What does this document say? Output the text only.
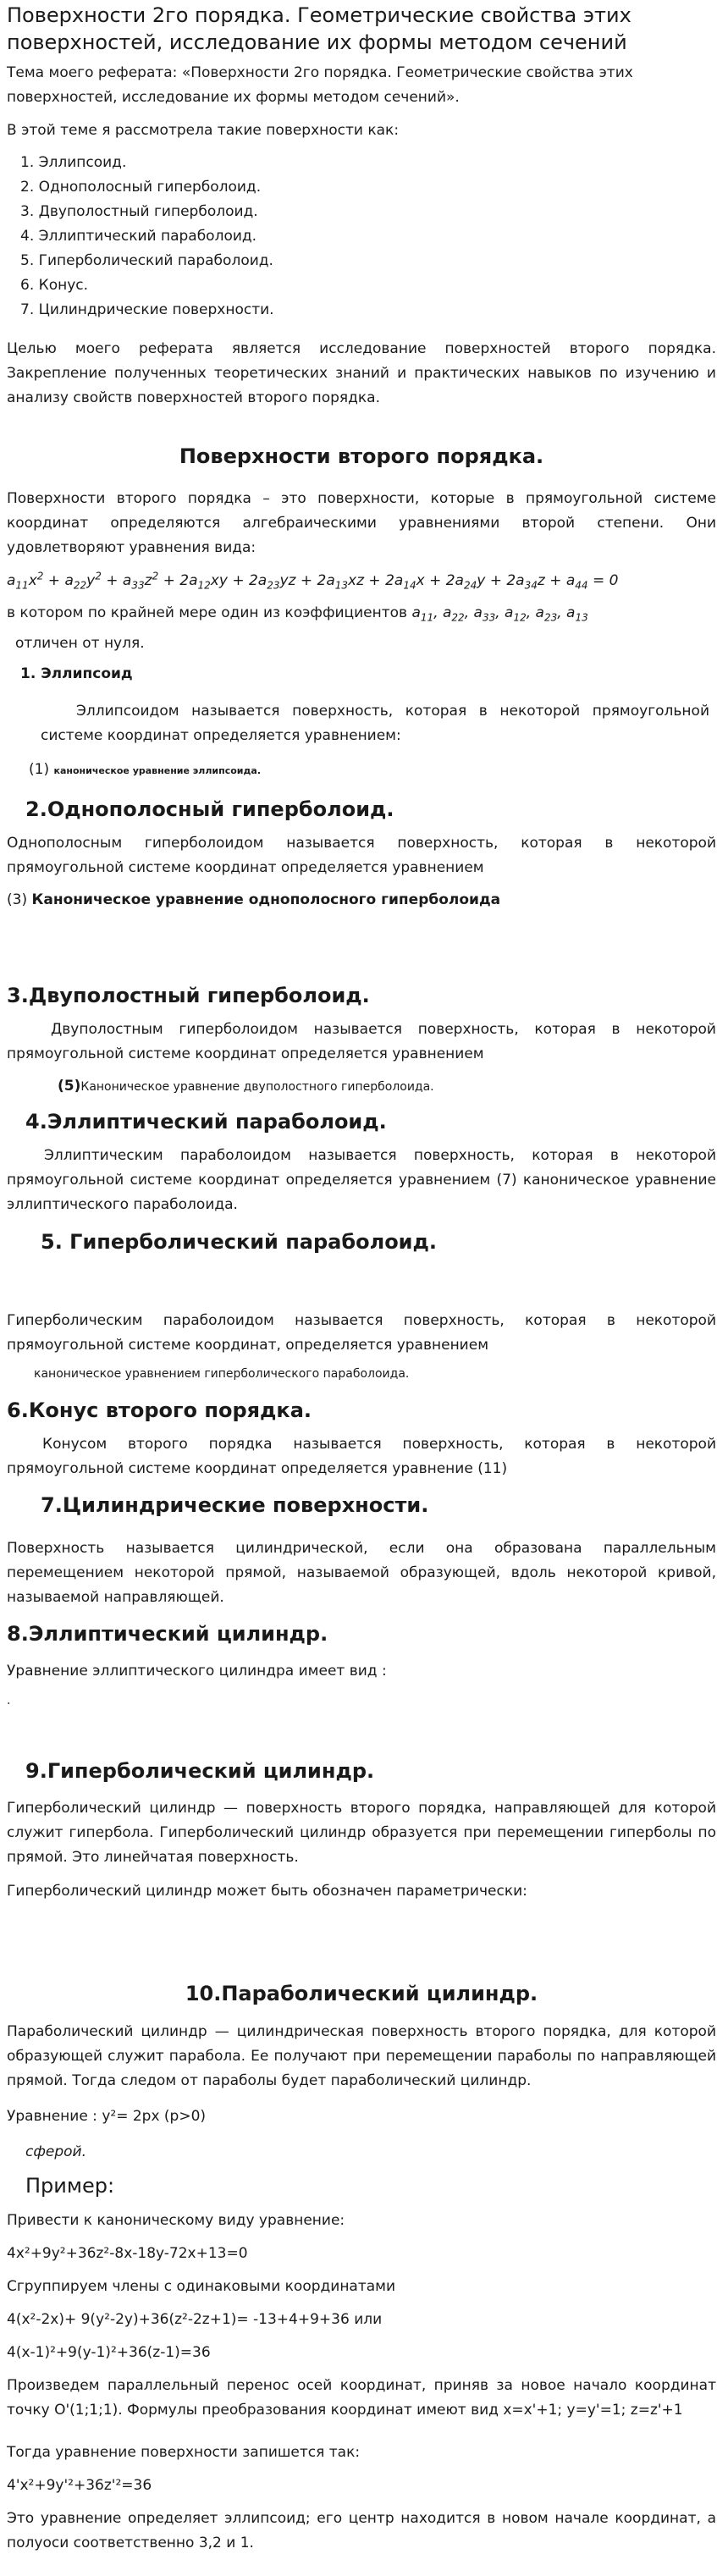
Поверхности 2го порядка. Геометрические свойства этих поверхностей, исследование их формы методом сечений

Тема моего реферата: «Поверхности 2го порядка. Геометрические свойства этих поверхностей, исследование их формы методом сечений».

В этой теме я рассмотрела такие поверхности как:

1. Эллипсоид.
2. Однополосный гиперболоид.
3. Двуполостный гиперболоид.
4. Эллиптический параболоид.
5. Гиперболический параболоид.
6. Конус.
7. Цилиндрические поверхности.

Целью моего реферата является исследование поверхностей второго порядка. Закрепление полученных теоретических знаний и практических навыков по изучению и анализу свойств поверхностей второго порядка.

Поверхности второго порядка.

Поверхности второго порядка – это поверхности, которые в прямоугольной системе координат определяются алгебраическими уравнениями второй степени. Они удовлетворяют уравнения вида:

$a_{11}x^2 + a_{22}y^2 + a_{33}z^2 + 2a_{12}xy + 2a_{23}yz + 2a_{13}xz + 2a_{14}x + 2a_{24}y + 2a_{34}z + a_{44} = 0$
в котором по крайней мере один из коэффициентов $a_{11}$, $a_{22}$, $a_{33}$, $a_{12}$, $a_{23}$, $a_{13}$

отличен от нуля.

1. Эллипсоид

Эллипсоидом называется поверхность, которая в некоторой прямоугольной системе координат определяется уравнением:

(1) каноническое уравнение эллипсоида.
2.Однополосный гиперболоид.

Однополосным гиперболоидом называется поверхность, которая в некоторой прямоугольной системе координат определяется уравнением

(3) Каноническое уравнение однополосного гиперболоида
3.Двуполостный гиперболоид.

Двуполостным гиперболоидом называется поверхность, которая в некоторой прямоугольной системе координат определяется уравнением

(5)Каноническое уравнение двуполостного гиперболоида.
4.Эллиптический параболоид.

Эллиптическим параболоидом называется поверхность, которая в некоторой прямоугольной системе координат определяется уравнением (7) каноническое уравнение эллиптического параболоида.

5. Гиперболический параболоид.

Гиперболическим параболоидом называется поверхность, которая в некоторой прямоугольной системе координат, определяется уравнением

каноническое уравнением гиперболического параболоида.
6.Конус второго порядка.

Конусом второго порядка называется поверхность, которая в некоторой прямоугольной системе координат определяется уравнение (11)

7.Цилиндрические поверхности.

Поверхность называется цилиндрической, если она образована параллельным перемещением некоторой прямой, называемой образующей, вдоль некоторой кривой, называемой направляющей.

8.Эллиптический цилиндр.

Уравнение эллиптического цилиндра имеет вид :

.
9.Гиперболический цилиндр.

Гиперболический цилиндр — поверхность второго порядка, направляющей для которой служит гипербола. Гиперболический цилиндр образуется при перемещении гиперболы по прямой. Это линейчатая поверхность.

Гиперболический цилиндр может быть обозначен параметрически:

10.Параболический цилиндр.

Параболический цилиндр — цилиндрическая поверхность второго порядка, для которой образующей служит парабола. Ее получают при перемещении параболы по направляющей прямой. Тогда следом от параболы будет параболический цилиндр.

Уравнение : y²= 2px (p>0)

сферой.
Пример:

Привести к каноническому виду уравнение:

4x²+9y²+36z²-8x-18y-72x+13=0

Сгруппируем члены с одинаковыми координатами

4(x²-2x)+ 9(y²-2y)+36(z²-2z+1)= -13+4+9+36 или

4(x-1)²+9(y-1)²+36(z-1)=36

Произведем параллельный перенос осей координат, приняв за новое начало координат точку О'(1;1;1). Формулы преобразования координат имеют вид x=x'+1; y=y'=1; z=z'+1

Тогда уравнение поверхности запишется так:

4'x²+9y'²+36z'²=36

Это уравнение определяет эллипсоид; его центр находится в новом начале координат, а полуоси соответственно 3,2 и 1.
